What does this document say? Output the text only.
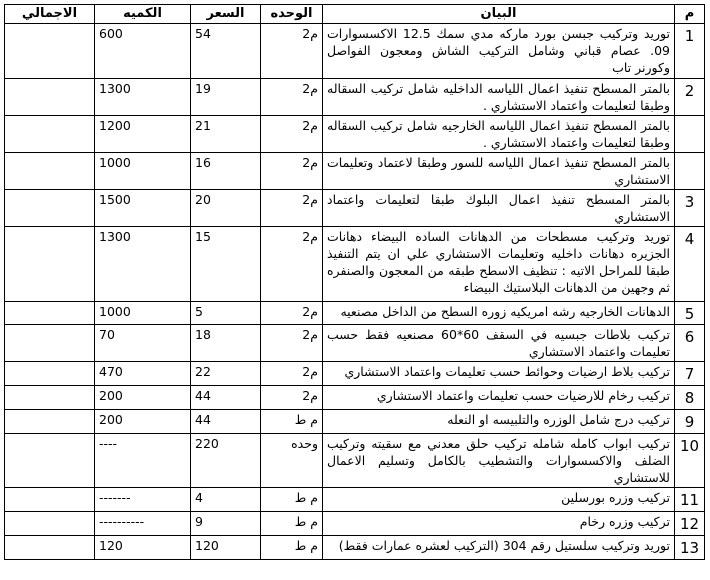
م	البيان	الوحده	السعر	الكميه	الاجمالي
1	توريد وتركيب جبسن بورد ماركه مدي سمك 12.5 الاكسسوارات 09. عصام قباني وشامل التركيب الشاش ومعجون الفواصل وكورنر تاب	م2	54	600	
2	بالمتر المسطح تنفيذ اعمال اللياسه الداخليه شامل تركيب السقاله وطبقا لتعليمات واعتماد الاستشاري .	م2	19	1300	
	بالمتر المسطح تنفيذ اعمال اللياسه الخارجيه شامل تركيب السقاله وطبقا لتعليمات واعتماد الاستشاري .	م2	21	1200	
	بالمتر المسطح تنفيذ اعمال اللياسه للسور وطبقا لاعتماد وتعليمات الاستشاري	م2	16	1000	
3	بالمتر المسطح تنفيذ اعمال البلوك طبقا لتعليمات واعتماد الاستشاري	م2	20	1500	
4	توريد وتركيب مسطحات من الدهانات الساده البيضاء دهانات الجزيره دهانات داخليه وتعليمات الاستشاري علي ان يتم التنفيذ طبقا للمراحل الاتيه : تنظيف الاسطح طبقه من المعجون والصنفره ثم وجهين من الدهانات البلاستيك البيضاء	م2	15	1300	
5	الدهانات الخارجيه رشه امريكيه زوره السطح من الداخل مصنعيه	م2	5	1000	
6	تركيب بلاطات جبسيه في السقف 60*60 مصنعيه فقط حسب تعليمات واعتماد الاستشاري	م2	18	70	
7	تركيب بلاط ارضيات وحوائط حسب تعليمات واعتماد الاستشاري	م2	22	470	
8	تركيب رخام للارضيات حسب تعليمات واعتماد الاستشاري	م2	44	200	
9	تركيب درج شامل الوزره والتلبيسه او النعله	م ط	44	200	
10	تركيب ابواب كامله شامله تركيب حلق معدني مع سقيته وتركيب الضلف والاكسسوارات والتشطيب بالكامل وتسليم الاعمال للاستشاري	وحده	220	----	
11	تركيب وزره بورسلين	م ط	4	-------	
12	تركيب وزره رخام	م ط	9	----------	
13	توريد وتركيب سلستيل رقم 304 (التركيب لعشره عمارات فقط)	م ط	120	120	
